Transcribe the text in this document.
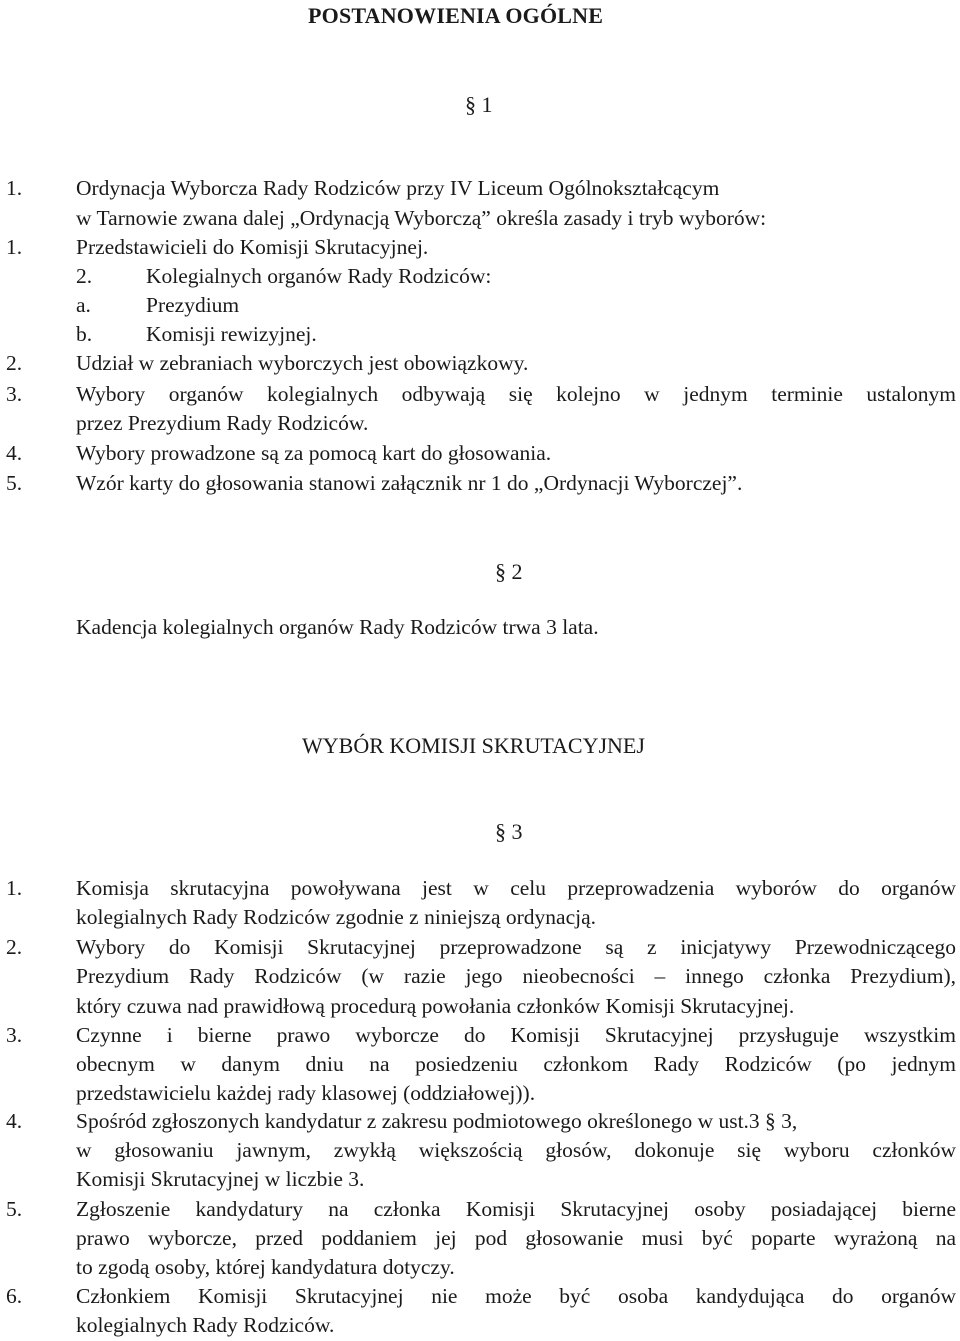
POSTANOWIENIA OGÓLNE
§ 1
1.	Ordynacja Wyborcza Rady Rodziców przy IV Liceum Ogólnokształcącym
w Tarnowie zwana dalej „Ordynacją Wyborczą” określa zasady i tryb wyborów:
1.	Przedstawicieli do Komisji Skrutacyjnej.
2.	Kolegialnych organów Rady Rodziców:
a.	Prezydium
b.	Komisji rewizyjnej.
2.	Udział w zebraniach wyborczych jest obowiązkowy.
3.	Wybory organów kolegialnych odbywają się kolejno w jednym terminie ustalonym
przez Prezydium Rady Rodziców.
4.	Wybory prowadzone są za pomocą kart do głosowania.
5.	Wzór karty do głosowania stanowi załącznik nr 1 do „Ordynacji Wyborczej”.
§ 2
Kadencja kolegialnych organów Rady Rodziców trwa 3 lata.
WYBÓR KOMISJI SKRUTACYJNEJ
§ 3
1.	Komisja skrutacyjna powoływana jest w celu przeprowadzenia wyborów do organów
kolegialnych Rady Rodziców zgodnie z niniejszą ordynacją.
2.	Wybory do Komisji Skrutacyjnej przeprowadzone są z inicjatywy Przewodniczącego
Prezydium Rady Rodziców (w razie jego nieobecności – innego członka Prezydium),
który czuwa nad prawidłową procedurą powołania członków Komisji Skrutacyjnej.
3.	Czynne i bierne prawo wyborcze do Komisji Skrutacyjnej przysługuje wszystkim
obecnym w danym dniu na posiedzeniu członkom Rady Rodziców (po jednym
przedstawicielu każdej rady klasowej (oddziałowej)).
4.	Spośród zgłoszonych kandydatur z zakresu podmiotowego określonego w ust.3 § 3,
w głosowaniu jawnym, zwykłą większością głosów, dokonuje się wyboru członków
Komisji Skrutacyjnej w liczbie 3.
5.	Zgłoszenie kandydatury na członka Komisji Skrutacyjnej osoby posiadającej bierne
prawo wyborcze, przed poddaniem jej pod głosowanie musi być poparte wyrażoną na
to zgodą osoby, której kandydatura dotyczy.
6.	Członkiem Komisji Skrutacyjnej nie może być osoba kandydująca do organów
kolegialnych Rady Rodziców.
